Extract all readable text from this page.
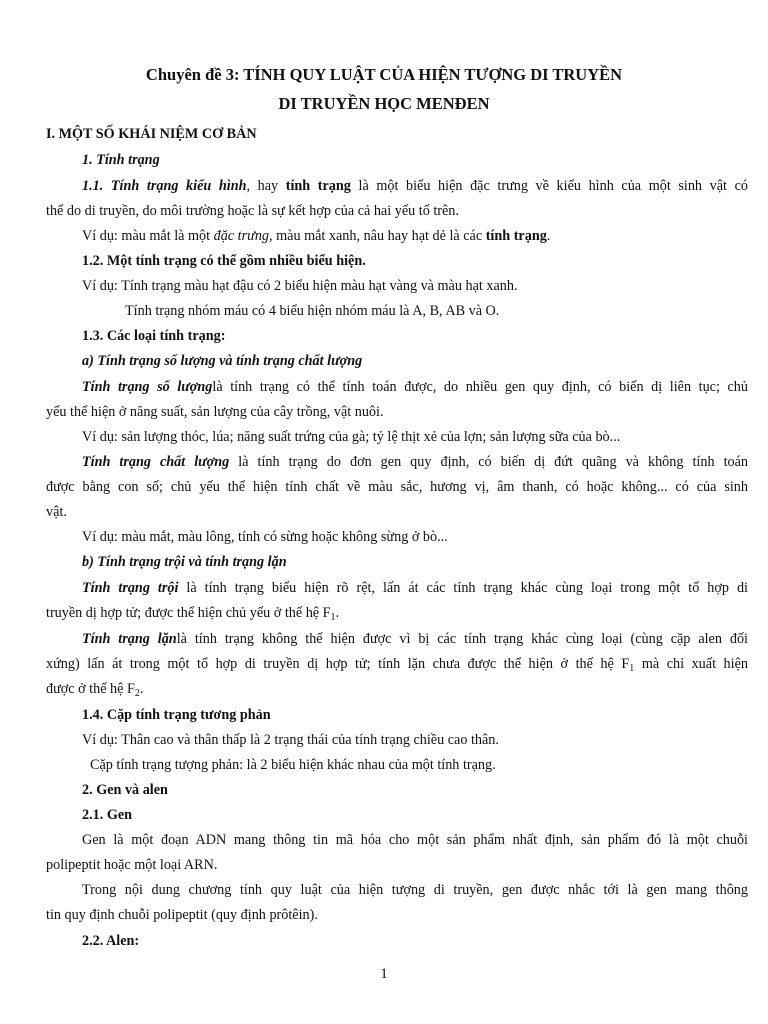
Chuyên đề 3: TÍNH QUY LUẬT CỦA HIỆN TƯỢNG DI TRUYỀN
DI TRUYỀN HỌC MENĐEN
I. MỘT SỐ KHÁI NIỆM CƠ BẢN
1. Tính trạng
1.1. Tính trạng kiểu hình, hay tính trạng là một biểu hiện đặc trưng về kiểu hình của một sinh vật có
thể do di truyền, do môi trường hoặc là sự kết hợp của cả hai yếu tố trên.
Ví dụ: màu mắt là một đặc trưng, màu mắt xanh, nâu hay hạt dẻ là các tính trạng.
1.2. Một tính trạng có thể gồm nhiều biểu hiện.
Ví dụ: Tính trạng màu hạt đậu có 2 biểu hiện màu hạt vàng và màu hạt xanh.
Tính trạng nhóm máu có 4 biểu hiện nhóm máu là A, B, AB và O.
1.3. Các loại tính trạng:
a) Tính trạng số lượng và tính trạng chất lượng
Tính trạng số lượnglà tính trạng có thể tính toán được, do nhiều gen quy định, có biến dị liên tục; chủ
yếu thể hiện ở năng suất, sản lượng của cây trồng, vật nuôi.
Ví dụ: sản lượng thóc, lúa; năng suất trứng của gà; tỷ lệ thịt xẻ của lợn; sản lượng sữa của bò...
Tính trạng chất lượng là tính trạng do đơn gen quy định, có biến dị đứt quãng và không tính toán
được bằng con số; chủ yếu thể hiện tính chất về màu sắc, hương vị, âm thanh, có hoặc không... có của sinh
vật.
Ví dụ: màu mắt, màu lông, tính có sừng hoặc không sừng ở bò...
b) Tính trạng trội và tính trạng lặn
Tính trạng trội là tính trạng biểu hiện rõ rệt, lấn át các tính trạng khác cùng loại trong một tổ hợp di
truyền dị hợp tử; được thể hiện chủ yếu ở thế hệ $F_1$.
Tính trạng lặnlà tính trạng không thể hiện được vì bị các tính trạng khác cùng loại (cùng cặp alen đối
xứng) lấn át trong một tổ hợp di truyền dị hợp tử; tính lặn chưa được thể hiện ở thế hệ $F_1$ mà chỉ xuất hiện
được ở thế hệ $F_2$.
1.4. Cặp tính trạng tương phản
Ví dụ: Thân cao và thân thấp là 2 trạng thái của tính trạng chiều cao thân.
Cặp tính trạng tượng phản: là 2 biểu hiện khác nhau của một tính trạng.
2. Gen và alen
2.1. Gen
Gen là một đoạn ADN mang thông tin mã hóa cho một sản phẩm nhất định, sản phẩm đó là một chuỗi
polipeptit hoặc một loại ARN.
Trong nội dung chương tính quy luật của hiện tượng di truyền, gen được nhắc tới là gen mang thông
tin quy định chuỗi polipeptit (quy định prôtêin).
2.2. Alen:
1
